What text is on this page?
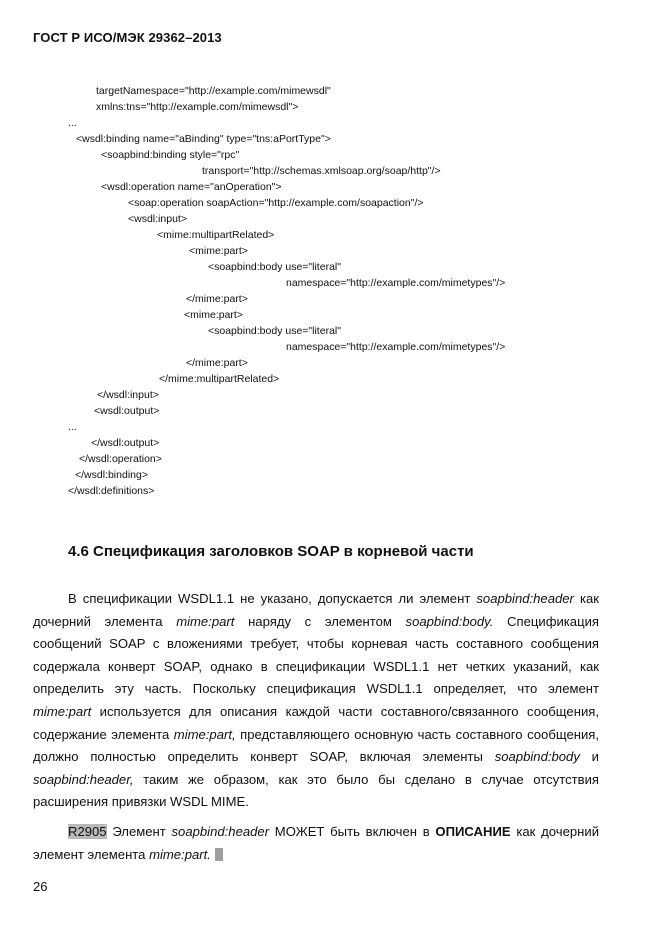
ГОСТ Р ИСО/МЭК 29362–2013
targetNamespace="http://example.com/mimewsdl"
xmlns:tns="http://example.com/mimewsdl">
...
<wsdl:binding name="aBinding" type="tns:aPortType">
<soapbind:binding style="rpc"
transport="http://schemas.xmlsoap.org/soap/http"/>
<wsdl:operation name="anOperation">
<soap:operation soapAction="http://example.com/soapaction"/>
<wsdl:input>
<mime:multipartRelated>
<mime:part>
<soapbind:body use="literal"
namespace="http://example.com/mimetypes"/>
</mime:part>
<mime:part>
<soapbind:body use="literal"
namespace="http://example.com/mimetypes"/>
</mime:part>
</mime:multipartRelated>
</wsdl:input>
<wsdl:output>
...
</wsdl:output>
</wsdl:operation>
</wsdl:binding>
</wsdl:definitions>
4.6 Спецификация заголовков SOAP в корневой части

В спецификации WSDL1.1 не указано, допускается ли элемент soapbind:header как дочерний элемента mime:part наряду с элементом soapbind:body. Спецификация сообщений SOAP с вложениями требует, чтобы корневая часть составного сообщения содержала конверт SOAP, однако в спецификации WSDL1.1 нет четких указаний, как определить эту часть. Поскольку спецификация WSDL1.1 определяет, что элемент mime:part используется для описания каждой части составного/связанного сообщения, содержание элемента mime:part, представляющего основную часть составного сообщения, должно полностью определить конверт SOAP, включая элементы soapbind:body и soapbind:header, таким же образом, как это было бы сделано в случае отсутствия расширения привязки WSDL MIME.

R2905 Элемент soapbind:header МОЖЕТ быть включен в ОПИСАНИЕ как дочерний элемент элемента mime:part.

26
